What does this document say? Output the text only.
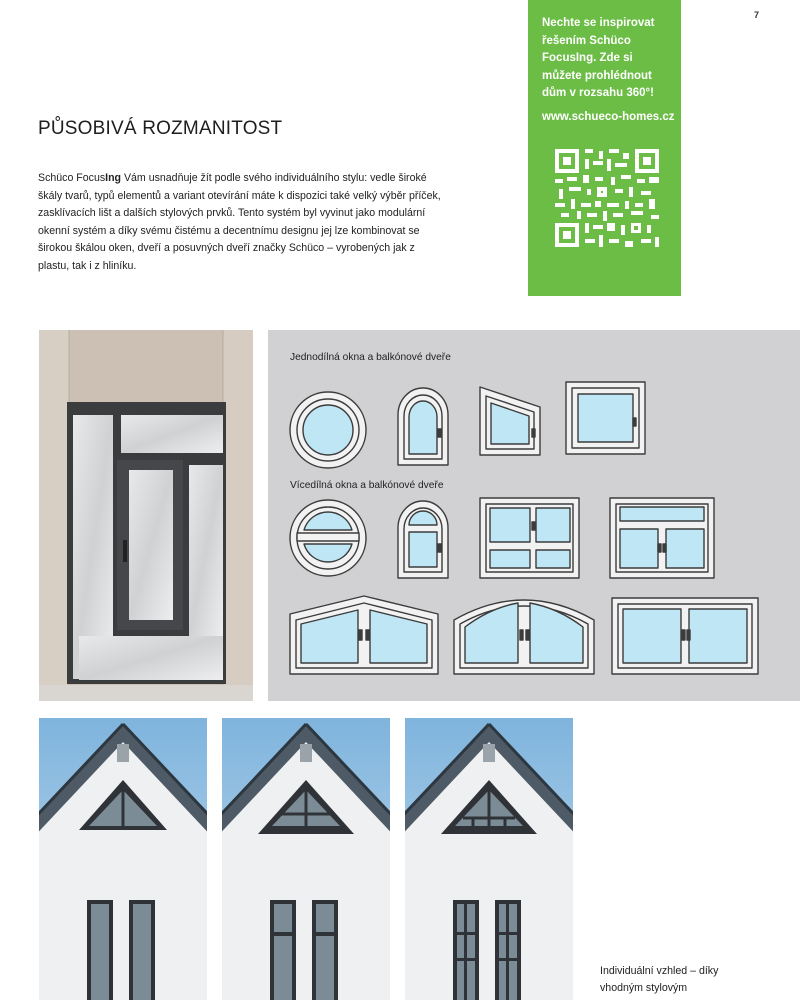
7
Nechte se inspirovat
řešením Schüco
FocusIng. Zde si
můžete prohlédnout
dům v rozsahu 360°!
www.schueco-homes.cz
PŮSOBIVÁ ROZMANITOST

Schüco FocusIng Vám usnadňuje žít podle svého individuálního stylu: vedle široké škály tvarů, typů elementů a variant otevírání máte k dispozici také velký výběr příček, zasklívacích lišt a dalších stylových prvků. Tento systém byl vyvinut jako modulární okenní systém a díky svému čistému a decentnímu designu jej lze kombinovat se širokou škálou oken, dveří a posuvných dveří značky Schüco – vyrobených jak z plastu, tak i z hliníku.

Jednodílná okna a balkónové dveře
Vícedílná okna a balkónové dveře
Individuální vzhled – díky
vhodným stylovým
